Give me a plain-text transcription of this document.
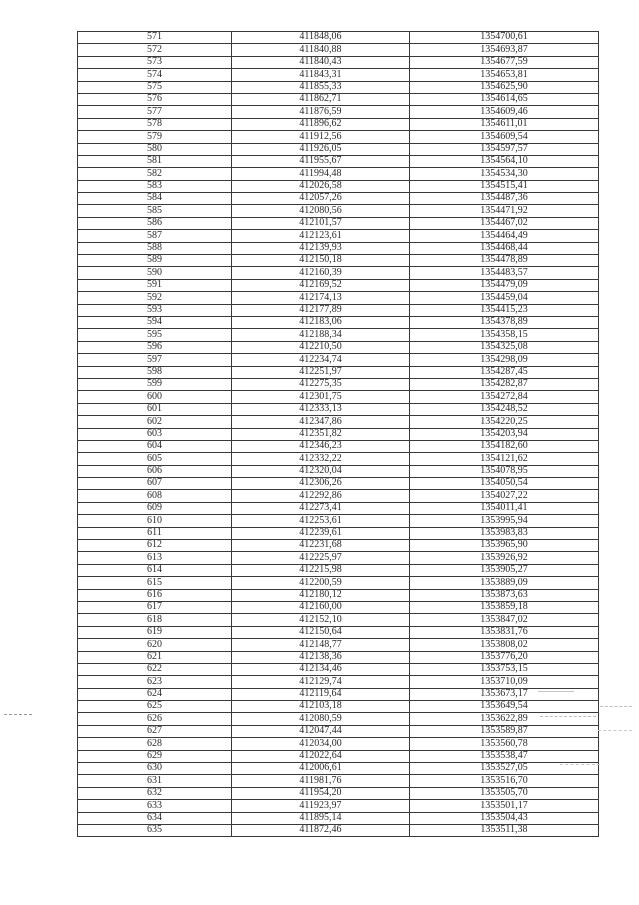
571	411848,06	1354700,61
572	411840,88	1354693,87
573	411840,43	1354677,59
574	411843,31	1354653,81
575	411855,33	1354625,90
576	411862,71	1354614,65
577	411876,59	1354609,46
578	411896,62	1354611,01
579	411912,56	1354609,54
580	411926,05	1354597,57
581	411955,67	1354564,10
582	411994,48	1354534,30
583	412026,58	1354515,41
584	412057,26	1354487,36
585	412080,56	1354471,92
586	412101,57	1354467,02
587	412123,61	1354464,49
588	412139,93	1354468,44
589	412150,18	1354478,89
590	412160,39	1354483,57
591	412169,52	1354479,09
592	412174,13	1354459,04
593	412177,89	1354415,23
594	412183,06	1354378,89
595	412188,34	1354358,15
596	412210,50	1354325,08
597	412234,74	1354298,09
598	412251,97	1354287,45
599	412275,35	1354282,87
600	412301,75	1354272,84
601	412333,13	1354248,52
602	412347,86	1354220,25
603	412351,82	1354203,94
604	412346,23	1354182,60
605	412332,22	1354121,62
606	412320,04	1354078,95
607	412306,26	1354050,54
608	412292,86	1354027,22
609	412273,41	1354011,41
610	412253,61	1353995,94
611	412239,61	1353983,83
612	412231,68	1353965,90
613	412225,97	1353926,92
614	412215,98	1353905,27
615	412200,59	1353889,09
616	412180,12	1353873,63
617	412160,00	1353859,18
618	412152,10	1353847,02
619	412150,64	1353831,76
620	412148,77	1353808,02
621	412138,36	1353776,20
622	412134,46	1353753,15
623	412129,74	1353710,09
624	412119,64	1353673,17
625	412103,18	1353649,54
626	412080,59	1353622,89
627	412047,44	1353589,87
628	412034,00	1353560,78
629	412022,64	1353538,47
630	412006,61	1353527,05
631	411981,76	1353516,70
632	411954,20	1353505,70
633	411923,97	1353501,17
634	411895,14	1353504,43
635	411872,46	1353511,38
